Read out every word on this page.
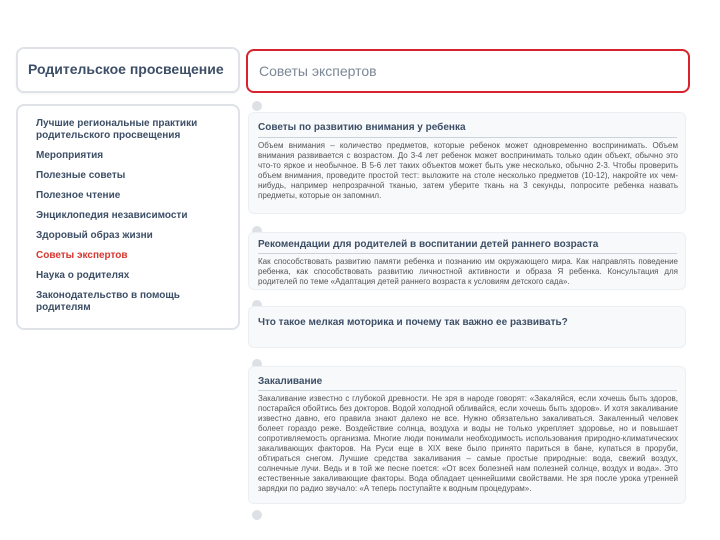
Родительское просвещение
Лучшие региональные практики родительского просвещения
Мероприятия
Полезные советы
Полезное чтение
Энциклопедия независимости
Здоровый образ жизни
Советы экспертов
Наука о родителях
Законодательство в помощь родителям
Советы экспертов
Советы по развитию внимания у ребенка

Объем внимания – количество предметов, которые ребенок может одновременно воспринимать. Объем внимания развивается с возрастом. До 3-4 лет ребенок может воспринимать только один объект, обычно это что-то яркое и необычное. В 5-6 лет таких объектов может быть уже несколько, обычно 2-3. Чтобы проверить объем внимания, проведите простой тест: выложите на столе несколько предметов (10-12), накройте их чем-нибудь, например непрозрачной тканью, затем уберите ткань на 3 секунды, попросите ребенка назвать предметы, которые он запомнил.

Рекомендации для родителей в воспитании детей раннего возраста

Как способствовать развитию памяти ребенка и познанию им окружающего мира. Как направлять поведение ребенка, как способствовать развитию личностной активности и образа Я ребенка. Консультация для родителей по теме «Адаптация детей раннего возраста к условиям детского сада».

Что такое мелкая моторика и почему так важно ее развивать?
Закаливание

Закаливание известно с глубокой древности. Не зря в народе говорят: «Закаляйся, если хочешь быть здоров, постарайся обойтись без докторов. Водой холодной обливайся, если хочешь быть здоров». И хотя закаливание известно давно, его правила знают далеко не все. Нужно обязательно закаливаться. Закаленный человек болеет гораздо реже. Воздействие солнца, воздуха и воды не только укрепляет здоровье, но и повышает сопротивляемость организма. Многие люди понимали необходимость использования природно-климатических закаливающих факторов. На Руси еще в XIX веке было принято париться в бане, купаться в проруби, обтираться снегом. Лучшие средства закаливания – самые простые природные: вода, свежий воздух, солнечные лучи. Ведь и в той же песне поется: «От всех болезней нам полезней солнце, воздух и вода». Это естественные закаливающие факторы. Вода обладает ценнейшими свойствами. Не зря после урока утренней зарядки по радио звучало: «А теперь поступайте к водным процедурам».
